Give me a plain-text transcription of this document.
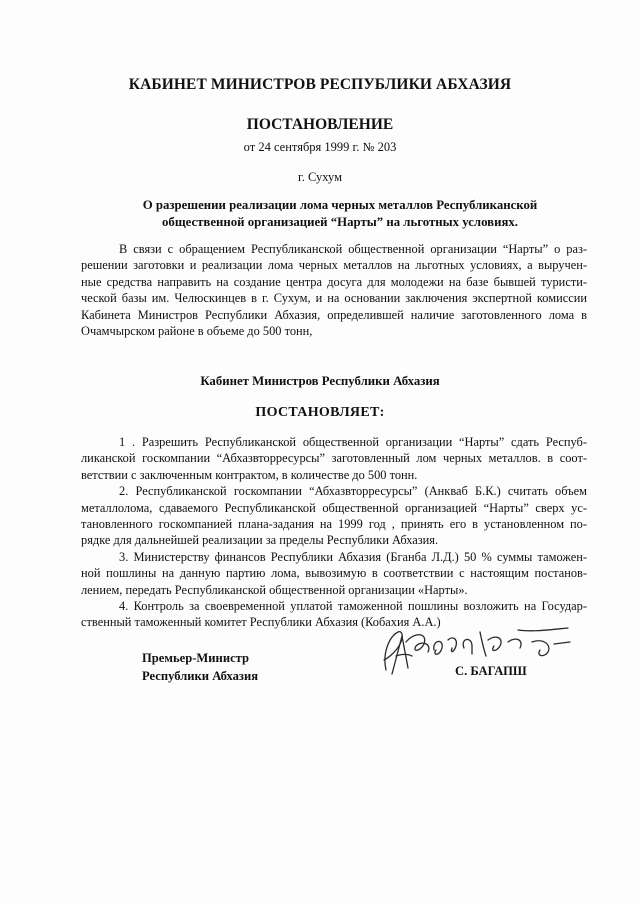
КАБИНЕТ МИНИСТРОВ РЕСПУБЛИКИ АБХАЗИЯ
ПОСТАНОВЛЕНИЕ
от 24 сентября 1999 г. № 203
г. Сухум
О разрешении реализации лома черных металлов Республиканской
общественной организацией “Нарты” на льготных условиях.
В связи с обращением Республиканской общественной организации “Нарты” о раз-
решении заготовки и реализации лома черных металлов на льготных условиях, а выручен-
ные средства направить на создание центра досуга для молодежи на базе бывшей туристи-
ческой базы им. Челюскинцев в г. Сухум, и на основании заключения экспертной комиссии
Кабинета Министров Республики Абхазия, определившей наличие заготовленного лома в
Очамчырском районе в объеме до 500 тонн,
Кабинет Министров Республики Абхазия
ПОСТАНОВЛЯЕТ:
1 . Разрешить Республиканской общественной организации “Нарты” сдать Респуб-
ликанской госкомпании “Абхазвторресурсы” заготовленный лом черных металлов. в соот-
ветствии с заключенным контрактом, в количестве до 500 тонн.
2. Республиканской госкомпании “Абхазвторресурсы” (Анкваб Б.К.) считать объем
металлолома, сдаваемого Республиканской общественной организацией “Нарты” сверх ус-
тановленного госкомпанией плана-задания на 1999 год , принять его в установленном по-
рядке для дальнейшей реализации за пределы Республики Абхазия.
3. Министерству финансов Республики Абхазия (Бганба Л.Д.) 50 % суммы таможен-
ной пошлины на данную партию лома, вывозимую в соответствии с настоящим постанов-
лением, передать Республиканской общественной организации «Нарты».
4. Контроль за своевременной уплатой таможенной пошлины возложить на Государ-
ственный таможенный комитет Республики Абхазия (Кобахия А.А.)
Премьер-Министр
Республики Абхазия	С. БАГАПШ
